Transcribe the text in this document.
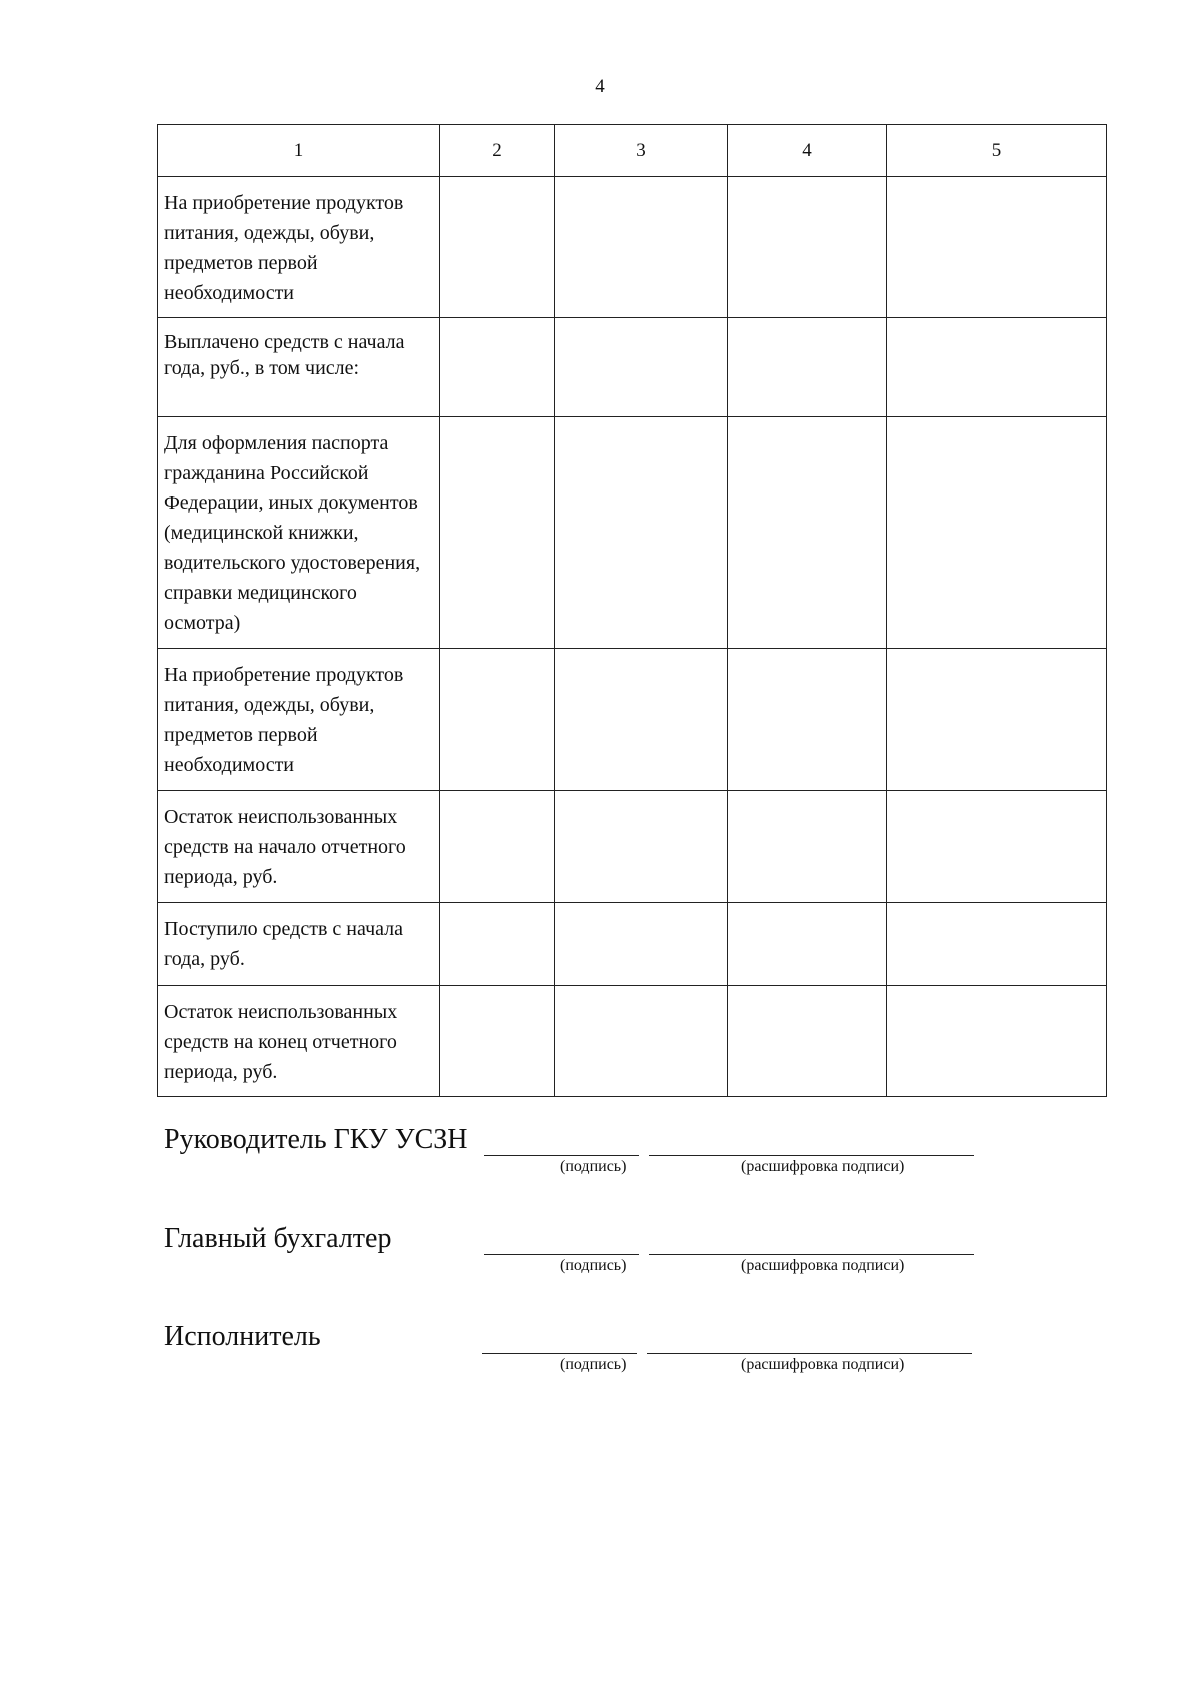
4
1	2	3	4	5
На приобретение продуктов питания, одежды, обуви, предметов первой необходимости				
Выплачено средств с начала года, руб., в том числе:				
Для оформления паспорта гражданина Российской Федерации, иных документов (медицинской книжки, водительского удостоверения, справки медицинского осмотра)				
На приобретение продуктов питания, одежды, обуви, предметов первой необходимости				
Остаток неиспользованных средств на начало отчетного периода, руб.				
Поступило средств с начала года, руб.				
Остаток неиспользованных средств на конец отчетного периода, руб.				
Руководитель ГКУ УСЗН
(подпись)	(расшифровка подписи)
Главный бухгалтер
(подпись)	(расшифровка подписи)
Исполнитель
(подпись)	(расшифровка подписи)
